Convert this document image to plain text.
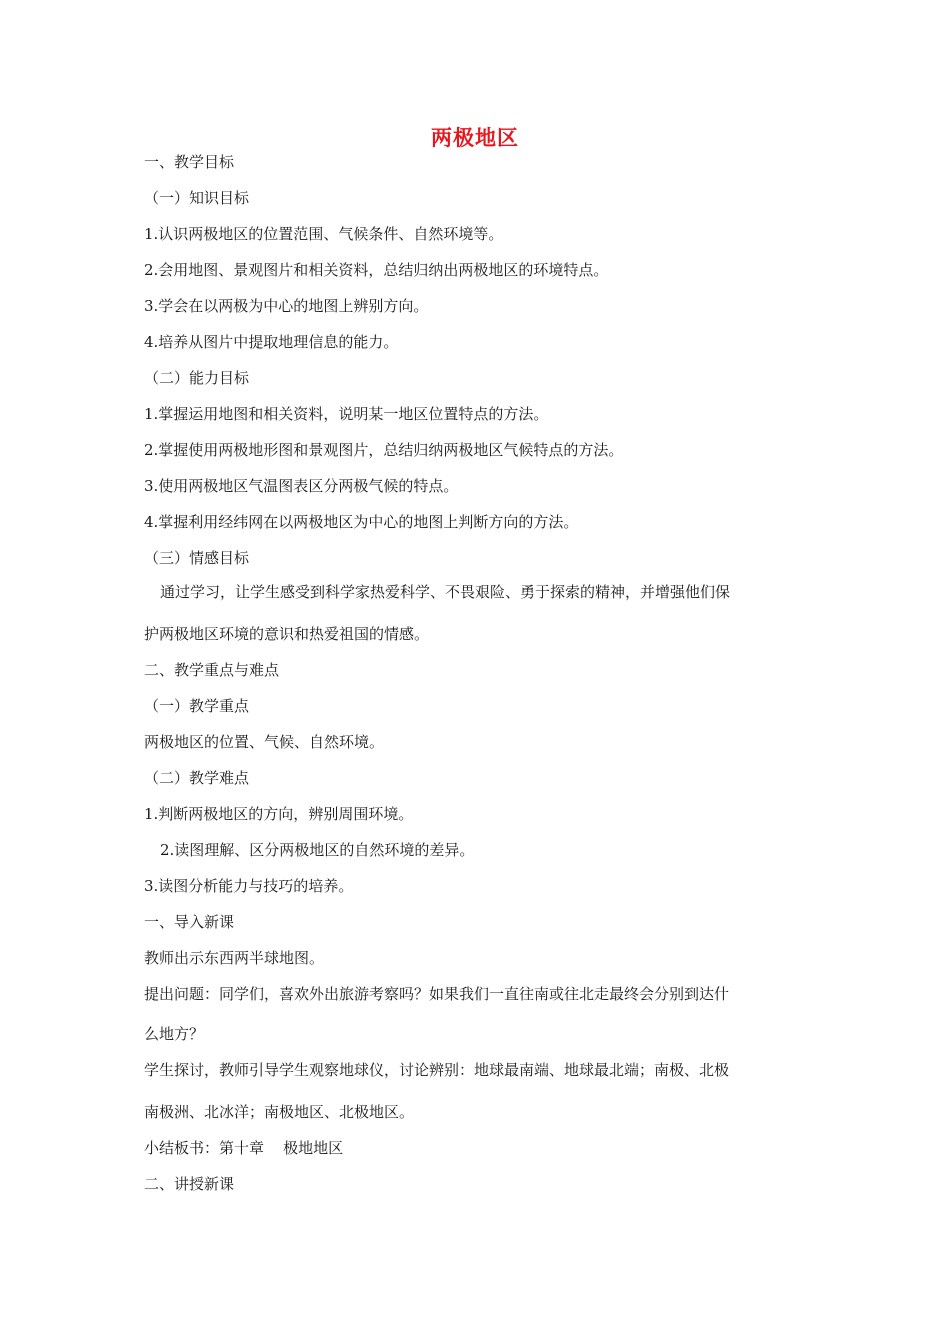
两极地区
一、教学目标
（一）知识目标
1.认识两极地区的位置范围、气候条件、自然环境等。
2.会用地图、景观图片和相关资料，总结归纳出两极地区的环境特点。
3.学会在以两极为中心的地图上辨别方向。
4.培养从图片中提取地理信息的能力。
（二）能力目标
1.掌握运用地图和相关资料，说明某一地区位置特点的方法。
2.掌握使用两极地形图和景观图片，总结归纳两极地区气候特点的方法。
3.使用两极地区气温图表区分两极气候的特点。
4.掌握利用经纬网在以两极地区为中心的地图上判断方向的方法。
（三）情感目标
通过学习，让学生感受到科学家热爱科学、不畏艰险、勇于探索的精神，并增强他们保
护两极地区环境的意识和热爱祖国的情感。
二、教学重点与难点
（一）教学重点
两极地区的位置、气候、自然环境。
（二）教学难点
1.判断两极地区的方向，辨别周围环境。
2.读图理解、区分两极地区的自然环境的差异。
3.读图分析能力与技巧的培养。
一、导入新课
教师出示东西两半球地图。
提出问题：同学们，喜欢外出旅游考察吗？如果我们一直往南或往北走最终会分别到达什
么地方？
学生探讨，教师引导学生观察地球仪，讨论辨别：地球最南端、地球最北端；南极、北极
南极洲、北冰洋；南极地区、北极地区。
小结板书：第十章    极地地区
二、讲授新课
